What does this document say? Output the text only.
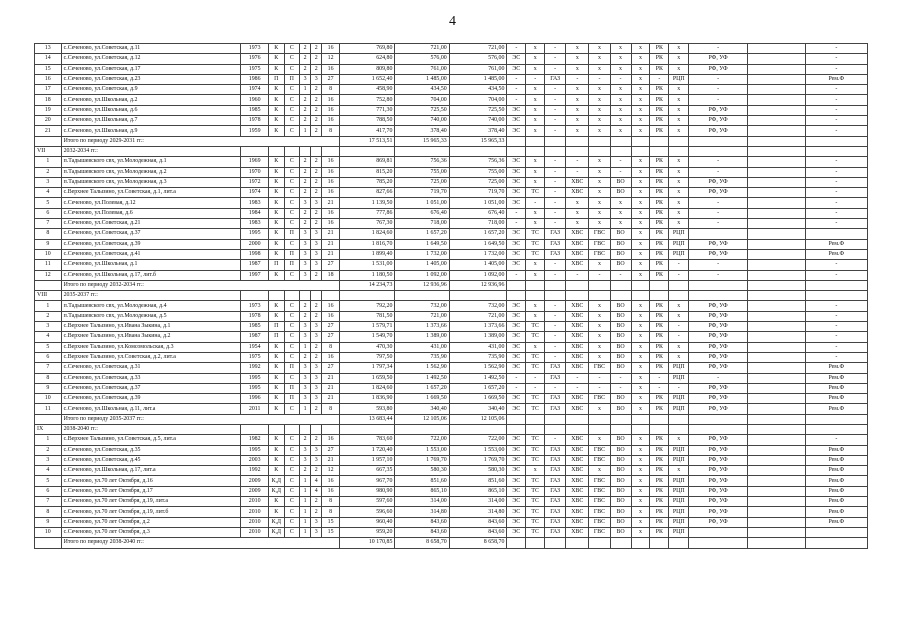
4
13	с.Сеченово, ул.Советская, д.11	1973	К	С	2	2	16	769,80	721,00	721,00	-	х	-	х	х	х	х	РК	х	-		-
14	с.Сеченово, ул.Советская, д.12	1976	К	С	2	2	12	624,80	576,00	576,00	ЭС	х	-	х	х	х	х	РК	х	РФ, УФ		-
15	с.Сеченово, ул.Советская, д.17	1975	К	С	2	2	16	809,80	761,00	761,00	ЭС	х	-	х	х	х	х	РК	х	РФ, УФ		-
16	с.Сеченово, ул.Советская, д.23	1986	П	П	3	3	27	1 652,40	1 485,00	1 485,00	-	-	ГАЗ	-	-	-	х	-	РЦП	-		Рем.Ф
17	с.Сеченово, ул.Советская, д.9	1974	К	С	1	2	8	458,90	434,50	434,50	-	х	-	х	х	х	х	РК	х	-		-
18	с.Сеченово, ул.Школьная, д.2	1960	К	С	2	2	16	752,80	704,00	704,00	-	х	-	х	х	х	х	РК	х	-		-
19	с.Сеченово, ул.Школьная, д.6	1985	К	С	2	2	16	771,30	725,50	725,50	ЭС	х	-	х	х	х	х	РК	х	РФ, УФ		-
20	с.Сеченово, ул.Школьная, д.7	1978	К	С	2	2	16	788,50	740,00	740,00	ЭС	х	-	х	х	х	х	РК	х	РФ, УФ		-
21	с.Сеченово, ул.Школьная, д.9	1959	К	С	1	2	8	417,70	378,40	378,40	ЭС	х	-	х	х	х	х	РК	х	РФ, УФ		-
	Итого по периоду 2029-2031 гг.:							17 513,51	15 965,33	15 965,33												
VII	2032-2034 гг.:																					
1	п.Тадышевского свх, ул.Молодежная, д.1	1969	К	С	2	2	16	869,81	756,36	756,36	ЭС	х	-	-	х	-	х	РК	х	-		-
2	п.Тадышевского свх, ул.Молодежная, д.2	1970	К	С	2	2	16	815,20	755,00	755,00	ЭС	х	-	-	х	-	х	РК	х	-		-
3	п.Тадышевского свх, ул.Молодежная, д.3	1972	К	С	2	2	16	785,20	725,00	725,00	ЭС	х	-	ХВС	х	ВО	х	РК	х	РФ, УФ		-
4	с.Верхнее Талызино, ул.Советская, д.1, лит.а	1974	К	С	2	2	16	827,66	719,70	719,70	ЭС	ТС	-	ХВС	х	ВО	х	РК	х	РФ, УФ		-
5	с.Сеченово, ул.Полевая, д.12	1983	К	С	3	3	21	1 139,50	1 051,00	1 051,00	ЭС	-	-	х	х	х	х	РК	х	-		-
6	с.Сеченово, ул.Полевая, д.6	1984	К	С	2	2	16	777,86	676,40	676,40	-	х	-	х	х	х	х	РК	х	-		-
7	с.Сеченово, ул.Советская, д.21	1983	К	С	2	2	16	767,30	718,00	718,00	-	х	-	х	х	х	х	РК	х	-		-
8	с.Сеченово, ул.Советская, д.37	1995	К	П	3	3	21	1 824,60	1 657,20	1 657,20	ЭС	ТС	ГАЗ	ХВС	ГВС	ВО	х	РК	РЦП			
9	с.Сеченово, ул.Советская, д.39	2000	К	С	3	3	21	1 816,70	1 649,50	1 649,50	ЭС	ТС	ГАЗ	ХВС	ГВС	ВО	х	РК	РЦП	РФ, УФ		Рем.Ф
10	с.Сеченово, ул.Советская, д.41	1998	К	П	3	3	21	1 899,40	1 732,00	1 732,00	ЭС	ТС	ГАЗ	ХВС	ГВС	ВО	х	РК	РЦП	РФ, УФ		Рем.Ф
11	с.Сеченово, ул.Школьная, д.1	1987	П	П	3	3	27	1 531,00	1 405,00	1 405,00	ЭС	х	-	ХВС	х	ВО	х	РК	-	-		-
12	с.Сеченово, ул.Школьная, д.17, лит.б	1997	К	С	3	2	18	1 180,50	1 092,00	1 092,00	-	х	-	-	-	-	х	РК	-	-		-
	Итого по периоду 2032-2034 гг.:							14 234,73	12 936,96	12 936,96												
VIII	2035-2037 гг.:																					
1	п.Тадышевского свх, ул.Молодежная, д.4	1973	К	С	2	2	16	792,20	732,00	732,00	ЭС	х	-	ХВС	х	ВО	х	РК	х	РФ, УФ		-
2	п.Тадышевского свх, ул.Молодежная, д.5	1978	К	С	2	2	16	781,50	721,00	721,00	ЭС	х	-	ХВС	х	ВО	х	РК	х	РФ, УФ		-
3	с.Верхнее Талызино, ул.Ивана Зыкина, д.1	1985	П	С	3	3	27	1 579,71	1 373,66	1 373,66	ЭС	ТС	-	ХВС	х	ВО	х	РК	-	РФ, УФ		-
4	с.Верхнее Талызино, ул.Ивана Зыкина, д.2	1987	П	С	3	3	27	1 549,70	1 389,00	1 389,00	ЭС	ТС	-	ХВС	х	ВО	х	РК	-	РФ, УФ		-
5	с.Верхнее Талызино, ул.Комсомольская, д.3	1954	К	С	1	2	8	470,30	431,00	431,00	ЭС	х	-	ХВС	х	ВО	х	РК	х	РФ, УФ		-
6	с.Верхнее Талызино, ул.Советская, д.2, лит.а	1975	К	С	2	2	16	797,50	735,90	735,90	ЭС	ТС	-	ХВС	х	ВО	х	РК	х	РФ, УФ		-
7	с.Сеченово, ул.Советская, д.31	1992	К	П	3	3	27	1 797,34	1 562,90	1 562,90	ЭС	ТС	ГАЗ	ХВС	ГВС	ВО	х	РК	РЦП	РФ, УФ		Рем.Ф
8	с.Сеченово, ул.Советская, д.33	1995	К	С	3	3	21	1 659,50	1 492,50	1 492,50	-	-	ГАЗ	-	-	-	х	-	РЦП	-		Рем.Ф
9	с.Сеченово, ул.Советская, д.37	1995	К	П	3	3	21	1 824,60	1 657,20	1 657,20	-	-	-	-	-	-	х	-	-	РФ, УФ		Рем.Ф
10	с.Сеченово, ул.Советская, д.39	1996	К	П	3	3	21	1 836,90	1 669,50	1 669,50	ЭС	ТС	ГАЗ	ХВС	ГВС	ВО	х	РК	РЦП	РФ, УФ		Рем.Ф
11	с.Сеченово, ул.Школьная, д.11, лит.а	2011	К	С	1	2	8	593,80	340,40	340,40	ЭС	ТС	ГАЗ	ХВС	х	ВО	х	РК	РЦП	РФ, УФ		Рем.Ф
	Итого по периоду 2035-2037 гг.:							13 683,44	12 105,06	12 105,06												
IX	2038-2040 гг.:																					
1	с.Верхнее Талызино, ул.Советская, д.5, лит.а	1982	К	С	2	2	16	783,60	722,00	722,00	ЭС	ТС	-	ХВС	х	ВО	х	РК	х	РФ, УФ		-
2	с.Сеченово, ул.Советская, д.35	1995	К	С	3	3	27	1 720,40	1 553,00	1 553,00	ЭС	ТС	ГАЗ	ХВС	ГВС	ВО	х	РК	РЦП	РФ, УФ		Рем.Ф
3	с.Сеченово, ул.Советская, д.45	2003	К	С	3	3	21	1 957,10	1 769,70	1 769,70	ЭС	ТС	ГАЗ	ХВС	ГВС	ВО	х	РК	РЦП	РФ, УФ		Рем.Ф
4	с.Сеченово, ул.Школьная, д.17, лит.а	1992	К	С	2	2	12	667,35	580,30	580,30	ЭС	х	ГАЗ	ХВС	х	ВО	х	РК	х	РФ, УФ		Рем.Ф
5	с.Сеченово, ул.70 лет Октября, д.16	2009	К,Д	С	1	4	16	967,70	851,60	851,60	ЭС	ТС	ГАЗ	ХВС	ГВС	ВО	х	РК	РЦП	РФ, УФ		Рем.Ф
6	с.Сеченово, ул.70 лет Октября, д.17	2009	К,Д	С	1	4	16	980,90	865,10	865,10	ЭС	ТС	ГАЗ	ХВС	ГВС	ВО	х	РК	РЦП	РФ, УФ		Рем.Ф
7	с.Сеченово, ул.70 лет Октября, д.19, лит.а	2010	К	С	1	2	8	597,60	314,00	314,00	ЭС	ТС	ГАЗ	ХВС	ГВС	ВО	х	РК	РЦП	РФ, УФ		Рем.Ф
8	с.Сеченово, ул.70 лет Октября, д.19, лит.б	2010	К	С	1	2	8	596,60	314,80	314,80	ЭС	ТС	ГАЗ	ХВС	ГВС	ВО	х	РК	РЦП	РФ, УФ		Рем.Ф
9	с.Сеченово, ул.70 лет Октября, д.2	2010	К,Д	С	1	3	15	960,40	843,60	843,60	ЭС	ТС	ГАЗ	ХВС	ГВС	ВО	х	РК	РЦП	РФ, УФ		Рем.Ф
10	с.Сеченово, ул.70 лет Октября, д.3	2010	К,Д	С	1	3	15	959,20	843,60	843,60	ЭС	ТС	ГАЗ	ХВС	ГВС	ВО	х	РК	РЦП			
	Итого по периоду 2038-2040 гг.:							10 170,85	8 658,70	8 658,70												
